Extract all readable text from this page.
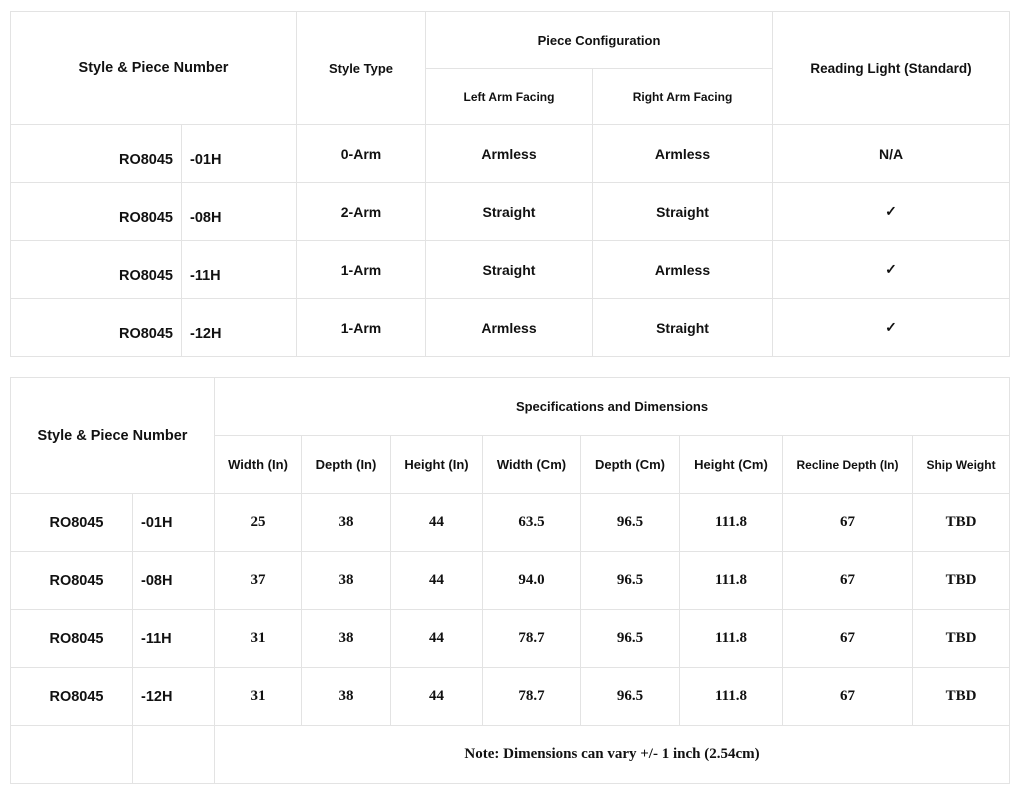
Style & Piece Number		Style Type	Piece Configuration		Reading Light (Standard)
			Left Arm Facing	Right Arm Facing	
RO8045	-01H	0-Arm	Armless	Armless	N/A
RO8045	-08H	2-Arm	Straight	Straight	✓
RO8045	-11H	1-Arm	Straight	Armless	✓
RO8045	-12H	1-Arm	Armless	Straight	✓
Style & Piece Number		Specifications and Dimensions							
		Width (In)	Depth (In)	Height (In)	Width (Cm)	Depth (Cm)	Height (Cm)	Recline Depth (In)	Ship Weight
RO8045	-01H	25	38	44	63.5	96.5	111.8	67	TBD
RO8045	-08H	37	38	44	94.0	96.5	111.8	67	TBD
RO8045	-11H	31	38	44	78.7	96.5	111.8	67	TBD
RO8045	-12H	31	38	44	78.7	96.5	111.8	67	TBD
		Note: Dimensions can vary +/- 1 inch (2.54cm)							
